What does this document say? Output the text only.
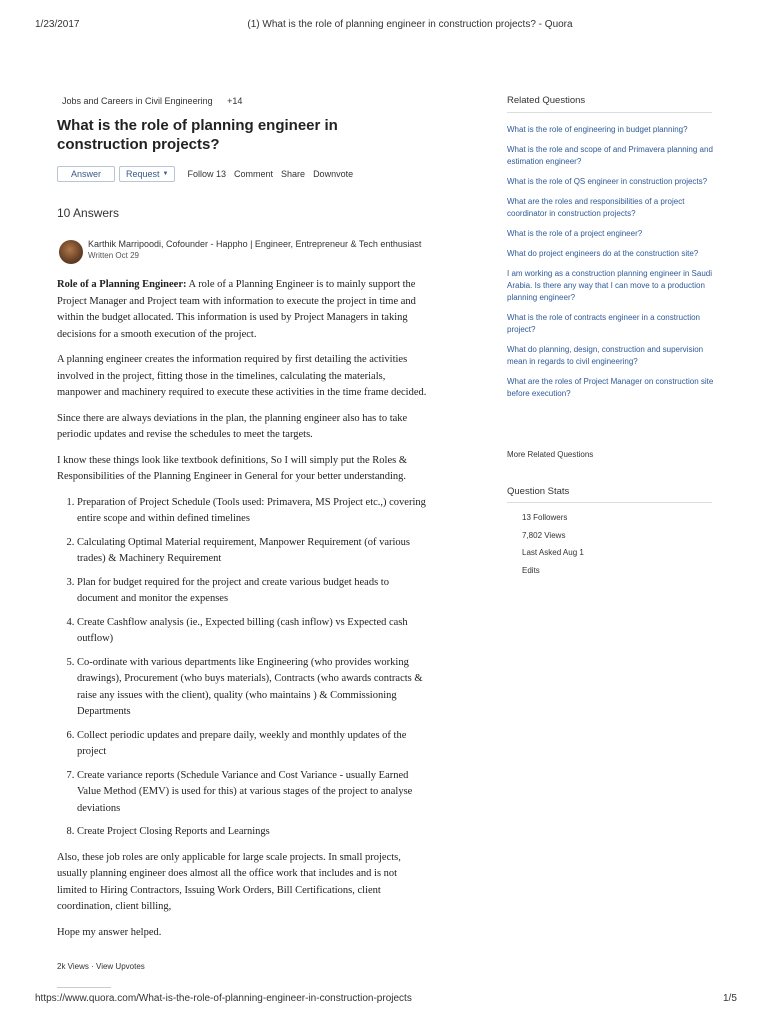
1/23/2017	(1) What is the role of planning engineer in construction projects? - Quora
Jobs and Careers in Civil Engineering +14
What is the role of planning engineer in construction projects?
Answer	Request ▼ Follow 13 Comment Share Downvote
10 Answers
Karthik Marripoodi, Cofounder - Happho | Engineer, Entrepreneur & Tech enthusiast
Written Oct 29

Role of a Planning Engineer: A role of a Planning Engineer is to mainly support the Project Manager and Project team with information to execute the project in time and within the budget allocated. This information is used by Project Managers in taking decisions for a smooth execution of the project.

A planning engineer creates the information required by first detailing the activities involved in the project, fitting those in the timelines, calculating the materials, manpower and machinery required to execute these activities in the time frame decided.

Since there are always deviations in the plan, the planning engineer also has to take periodic updates and revise the schedules to meet the targets.

I know these things look like textbook definitions, So I will simply put the Roles & Responsibilities of the Planning Engineer in General for your better understanding.

1. Preparation of Project Schedule (Tools used: Primavera, MS Project etc.,) covering entire scope and within defined timelines
2. Calculating Optimal Material requirement, Manpower Requirement (of various trades) & Machinery Requirement
3. Plan for budget required for the project and create various budget heads to document and monitor the expenses
4. Create Cashflow analysis (ie., Expected billing (cash inflow) vs Expected cash outflow)
5. Co-ordinate with various departments like Engineering (who provides working drawings), Procurement (who buys materials), Contracts (who awards contracts & raise any issues with the client), quality (who maintains ) & Commissioning Departments
6. Collect periodic updates and prepare daily, weekly and monthly updates of the project
7. Create variance reports (Schedule Variance and Cost Variance - usually Earned Value Method (EMV) is used for this) at various stages of the project to analyse deviations
8. Create Project Closing Reports and Learnings

Also, these job roles are only applicable for large scale projects. In small projects, usually planning engineer does almost all the office work that includes and is not limited to Hiring Contractors, Issuing Work Orders, Bill Certifications, client coordination, client billing,

Hope my answer helped.

2k Views · View Upvotes
Related Questions
What is the role of engineering in budget planning?
What is the role and scope of and Primavera planning and estimation engineer?
What is the role of QS engineer in construction projects?
What are the roles and responsibilities of a project coordinator in construction projects?
What is the role of a project engineer?
What do project engineers do at the construction site?
I am working as a construction planning engineer in Saudi Arabia. Is there any way that I can move to a production planning engineer?
What is the role of contracts engineer in a construction project?
What do planning, design, construction and supervision mean in regards to civil engineering?
What are the roles of Project Manager on construction site before execution?
More Related Questions
Question Stats
13 Followers
7,802 Views
Last Asked Aug 1
Edits
https://www.quora.com/What-is-the-role-of-planning-engineer-in-construction-projects	1/5
